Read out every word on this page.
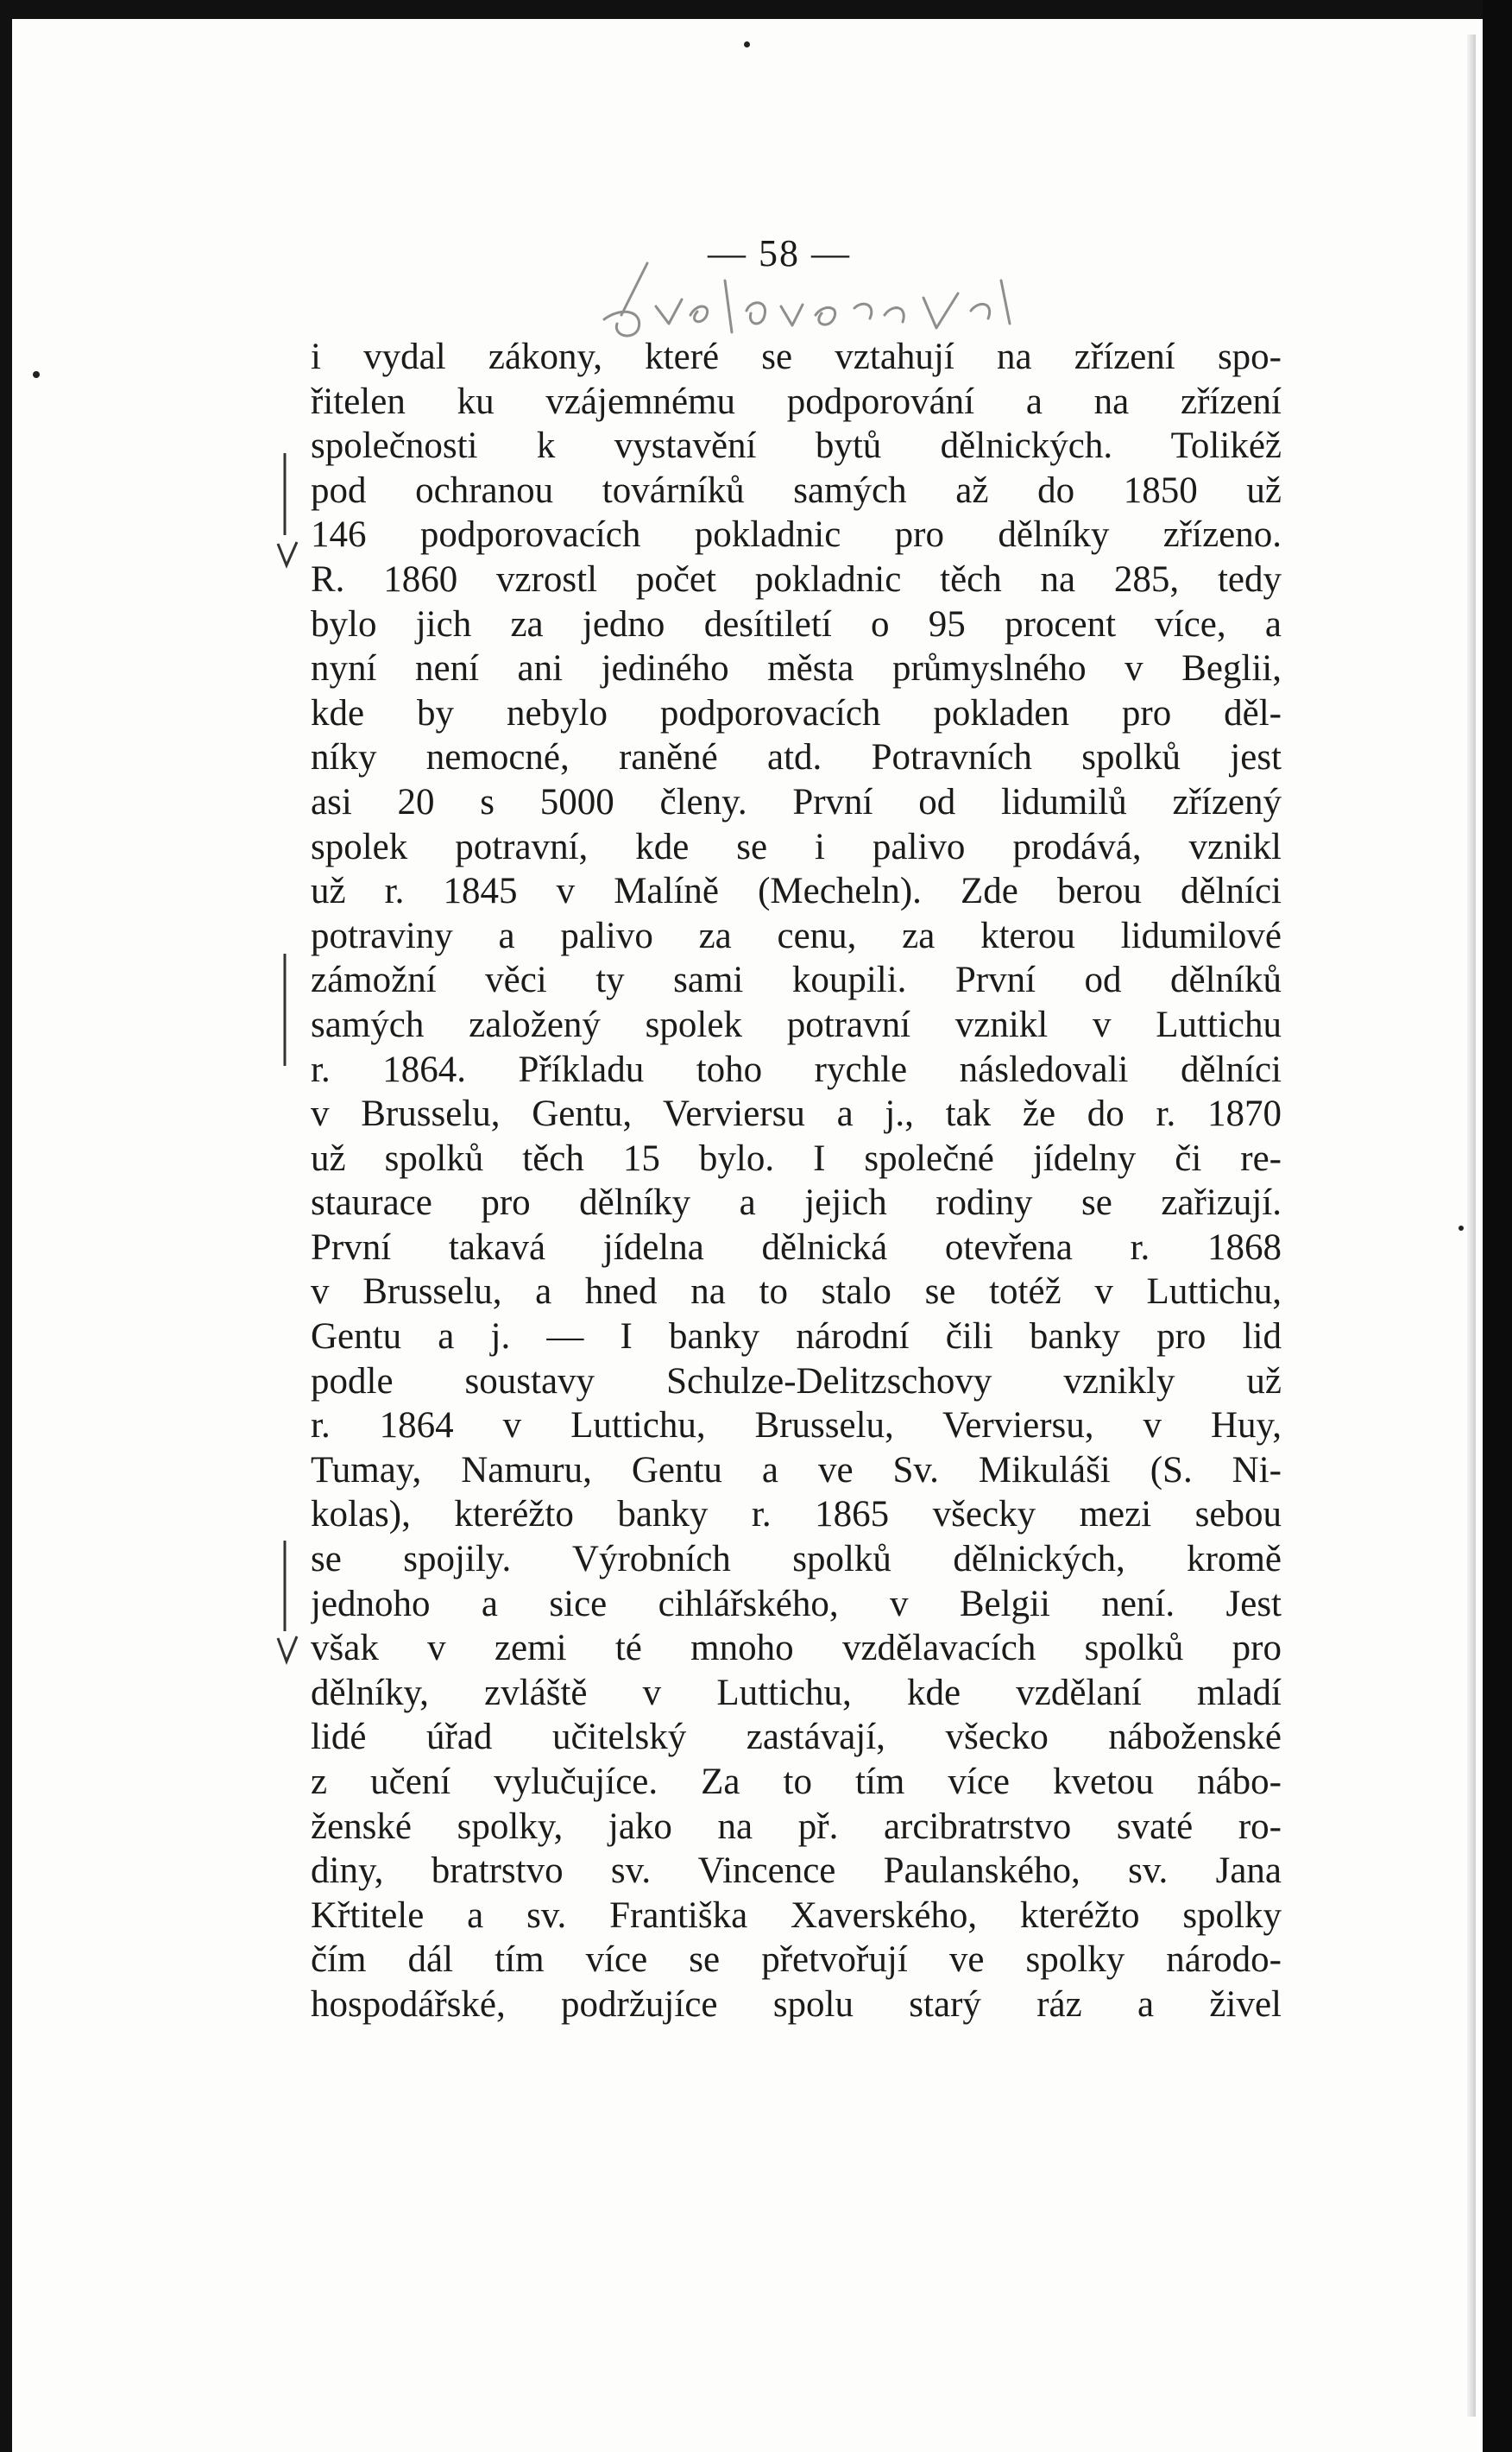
— 58 —
i vydal zákony, které se vztahují na zřízení spo-
řitelen ku vzájemnému podporování a na zřízení
společnosti k vystavění bytů dělnických. Tolikéž
pod ochranou továrníků samých až do 1850 už
146 podporovacích pokladnic pro dělníky zřízeno.
R. 1860 vzrostl počet pokladnic těch na 285, tedy
bylo jich za jedno desítiletí o 95 procent více, a
nyní není ani jediného města průmyslného v Beglii,
kde by nebylo podporovacích pokladen pro děl-
níky nemocné, raněné atd. Potravních spolků jest
asi 20 s 5000 členy. První od lidumilů zřízený
spolek potravní, kde se i palivo prodává, vznikl
už r. 1845 v Malíně (Mecheln). Zde berou dělníci
potraviny a palivo za cenu, za kterou lidumilové
zámožní věci ty sami koupili. První od dělníků
samých založený spolek potravní vznikl v Luttichu
r. 1864. Příkladu toho rychle následovali dělníci
v Brusselu, Gentu, Verviersu a j., tak že do r. 1870
už spolků těch 15 bylo. I společné jídelny či re-
staurace pro dělníky a jejich rodiny se zařizují.
První takavá jídelna dělnická otevřena r. 1868
v Brusselu, a hned na to stalo se totéž v Luttichu,
Gentu a j. — I banky národní čili banky pro lid
podle soustavy Schulze-Delitzschovy vznikly už
r. 1864 v Luttichu, Brusselu, Verviersu, v Huy,
Tumay, Namuru, Gentu a ve Sv. Mikuláši (S. Ni-
kolas), kteréžto banky r. 1865 všecky mezi sebou
se spojily. Výrobních spolků dělnických, kromě
jednoho a sice cihlářského, v Belgii není. Jest
však v zemi té mnoho vzdělavacích spolků pro
dělníky, zvláště v Luttichu, kde vzdělaní mladí
lidé úřad učitelský zastávají, všecko náboženské
z učení vylučujíce. Za to tím více kvetou nábo-
ženské spolky, jako na př. arcibratrstvo svaté ro-
diny, bratrstvo sv. Vincence Paulanského, sv. Jana
Křtitele a sv. Františka Xaverského, kteréžto spolky
čím dál tím více se přetvořují ve spolky národo-
hospodářské, podržujíce spolu starý ráz a živel
